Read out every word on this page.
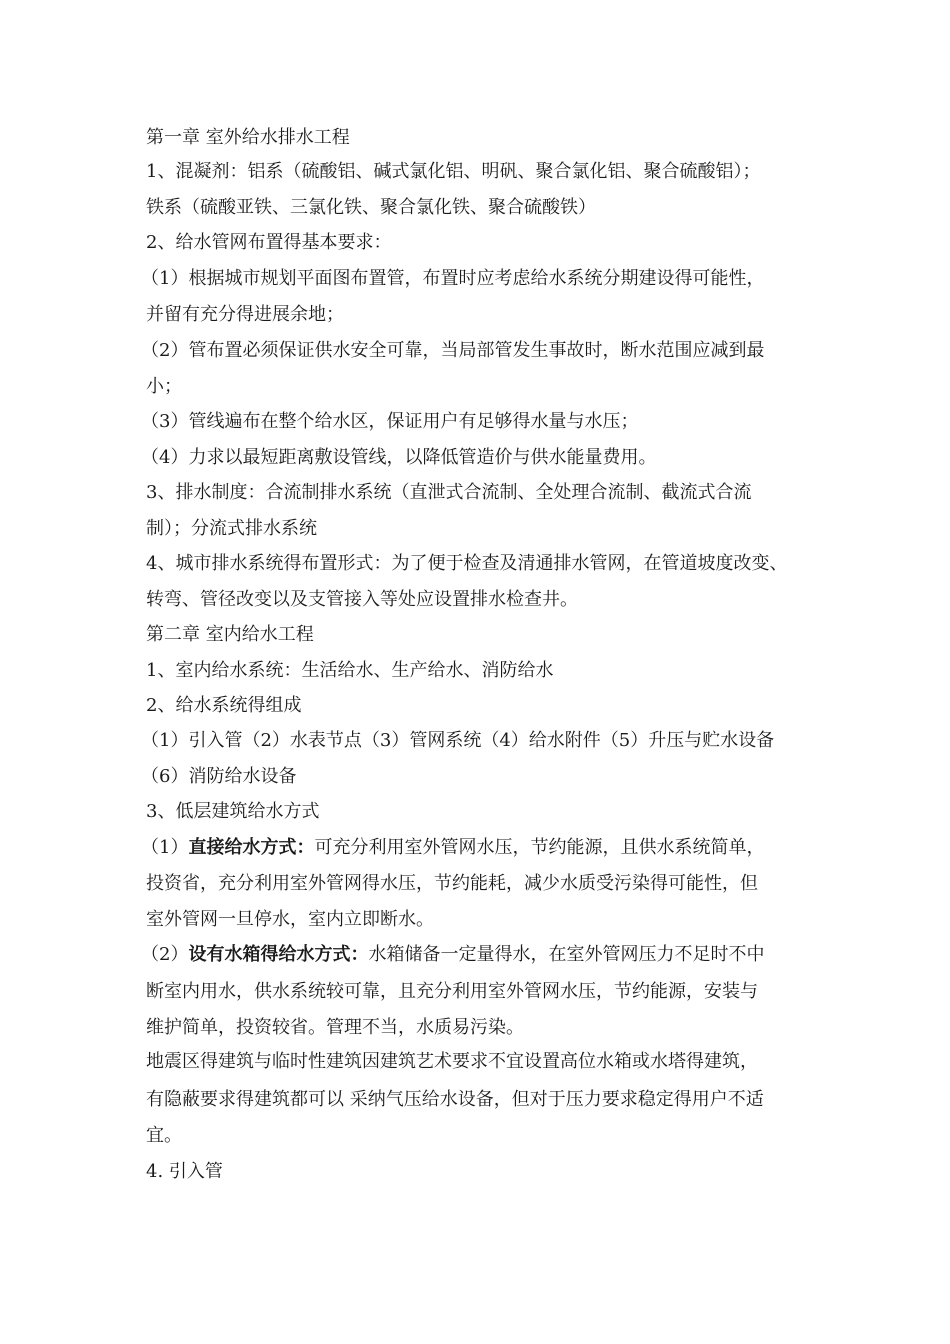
第一章 室外给水排水工程
1、混凝剂：铝系（硫酸铝、碱式氯化铝、明矾、聚合氯化铝、聚合硫酸铝）；
铁系（硫酸亚铁、三氯化铁、聚合氯化铁、聚合硫酸铁）
2、给水管网布置得基本要求：
（1）根据城市规划平面图布置管，布置时应考虑给水系统分期建设得可能性，
并留有充分得进展余地；
（2）管布置必须保证供水安全可靠，当局部管发生事故时，断水范围应减到最
小；
（3）管线遍布在整个给水区，保证用户有足够得水量与水压；
（4）力求以最短距离敷设管线，以降低管造价与供水能量费用。
3、排水制度：合流制排水系统（直泄式合流制、全处理合流制、截流式合流
制）；分流式排水系统
4、城市排水系统得布置形式：为了便于检查及清通排水管网，在管道坡度改变、
转弯、管径改变以及支管接入等处应设置排水检查井。
第二章 室内给水工程
1、室内给水系统：生活给水、生产给水、消防给水
2、给水系统得组成
（1）引入管（2）水表节点（3）管网系统（4）给水附件（5）升压与贮水设备
（6）消防给水设备
3、低层建筑给水方式
（1）直接给水方式：可充分利用室外管网水压，节约能源，且供水系统简单，
投资省，充分利用室外管网得水压，节约能耗，减少水质受污染得可能性，但
室外管网一旦停水，室内立即断水。
（2）设有水箱得给水方式：水箱储备一定量得水，在室外管网压力不足时不中
断室内用水，供水系统较可靠，且充分利用室外管网水压，节约能源，安装与
维护简单，投资较省。管理不当，水质易污染。
地震区得建筑与临时性建筑因建筑艺术要求不宜设置高位水箱或水塔得建筑，
有隐蔽要求得建筑都可以 采纳气压给水设备，但对于压力要求稳定得用户不适
宜。
4. 引入管
